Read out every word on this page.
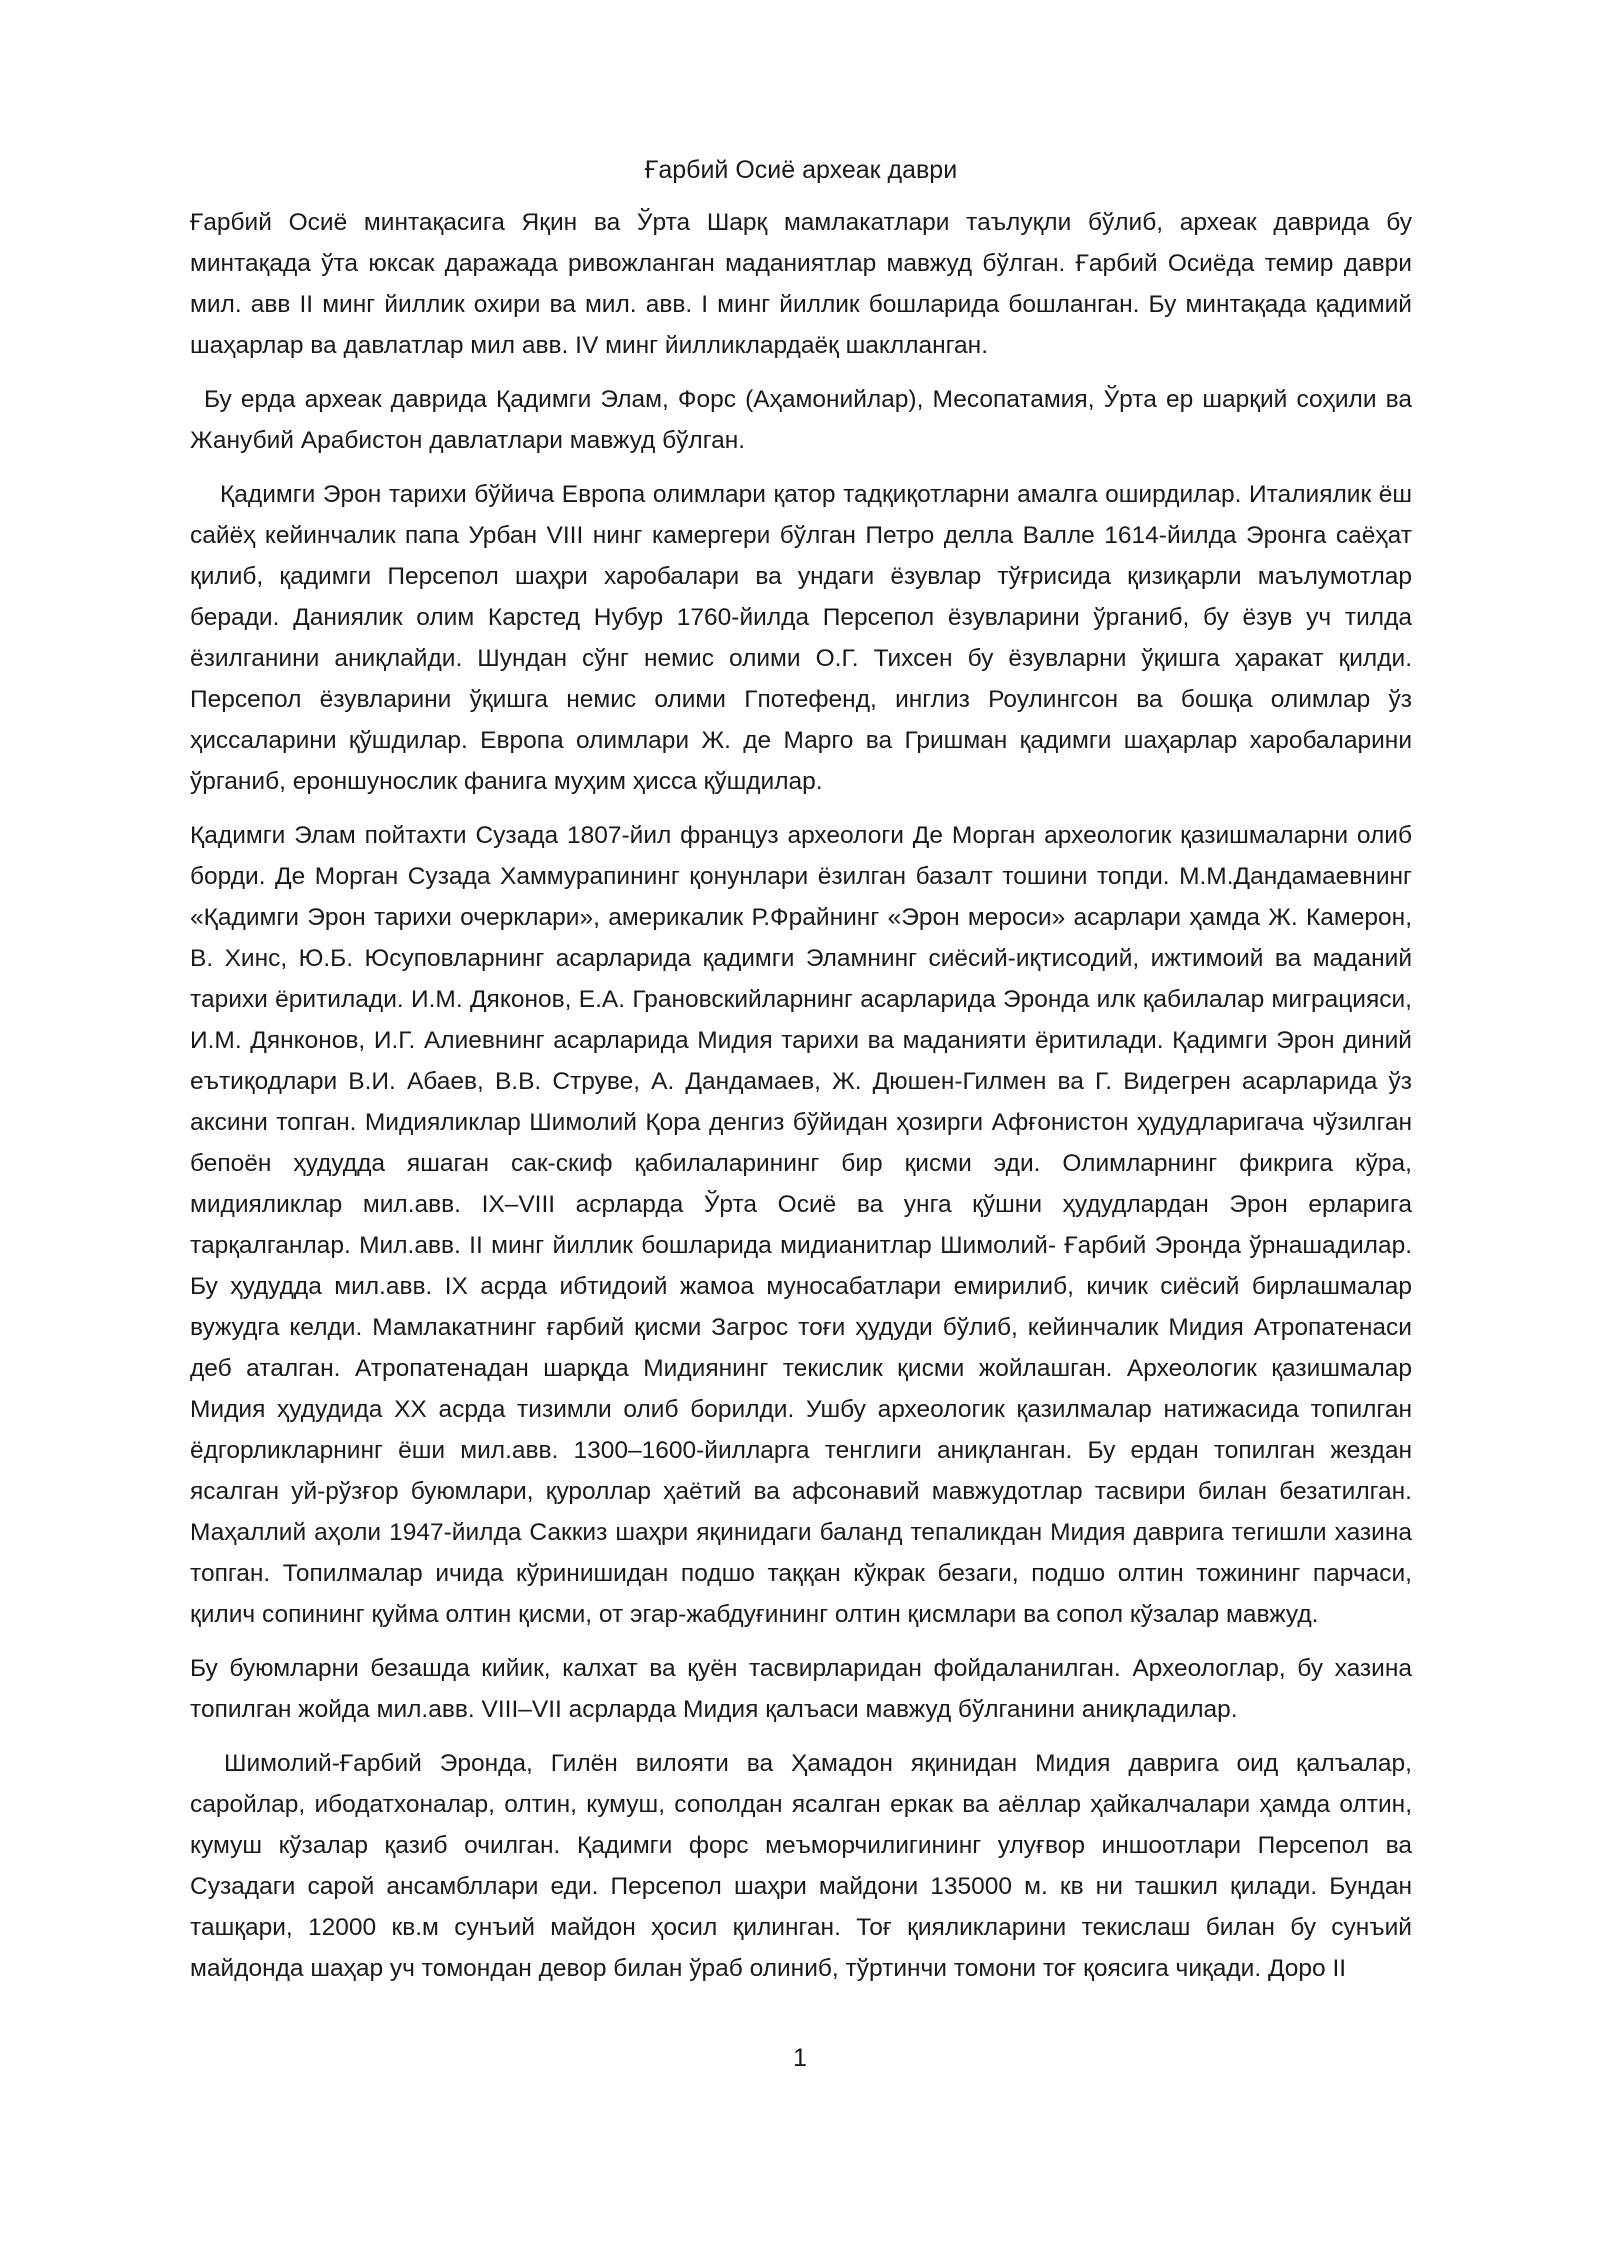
Ғарбий Осиё археак даври

Ғарбий Осиё минтақасига Яқин ва Ўрта Шарқ мамлакатлари таълуқли бўлиб, археак даврида бу минтақада ўта юксак даражада ривожланган маданиятлар мавжуд бўлган. Ғарбий Осиёда темир даври мил. авв II минг йиллик охири ва мил. авв. I минг йиллик бошларида бошланган. Бу минтақада қадимий шаҳарлар ва давлатлар мил авв. IV минг йилликлардаёқ шаклланган.

Бу ерда археак даврида Қадимги Элам, Форс (Аҳамонийлар), Месопатамия, Ўрта ер шарқий соҳили ва Жанубий Арабистон давлатлари мавжуд бўлган.

Қадимги Эрон тарихи бўйича Европа олимлари қатор тадқиқотларни амалга оширдилар. Италиялик ёш сайёҳ кейинчалик папа Урбан VIII нинг камергери бўлган Петро делла Валле 1614-йилда Эронга саёҳат қилиб, қадимги Персепол шаҳри харобалари ва ундаги ёзувлар тўғрисида қизиқарли маълумотлар беради. Даниялик олим Карстед Нубур 1760-йилда Персепол ёзувларини ўрганиб, бу ёзув уч тилда ёзилганини аниқлайди. Шундан сўнг немис олими О.Г. Тихсен бу ёзувларни ўқишга ҳаракат қилди. Персепол ёзувларини ўқишга немис олими Гпотефенд, инглиз Роулингсон ва бошқа олимлар ўз ҳиссаларини қўшдилар. Европа олимлари Ж. де Марго ва Гришман қадимги шаҳарлар харобаларини ўрганиб, ероншунослик фанига муҳим ҳисса қўшдилар.

Қадимги Элам пойтахти Сузада 1807-йил француз археологи Де Морган археологик қазишмаларни олиб борди. Де Морган Сузада Хаммурапининг қонунлари ёзилган базалт тошини топди. М.М.Дандамаевнинг «Қадимги Эрон тарихи очерклари», америкалик Р.Фрайнинг «Эрон мероси» асарлари ҳамда Ж. Камерон, В. Хинс, Ю.Б. Юсуповларнинг асарларида қадимги Эламнинг сиёсий-иқтисодий, ижтимоий ва маданий тарихи ёритилади. И.М. Дяконов, Е.А. Грановскийларнинг асарларида Эронда илк қабилалар миграцияси, И.М. Дянконов, И.Г. Алиевнинг асарларида Мидия тарихи ва маданияти ёритилади. Қадимги Эрон диний eътиқодлари В.И. Абаев, В.В. Струве, А. Дандамаев, Ж. Дюшен-Гилмен ва Г. Видегрен асарларида ўз аксини топган. Мидияликлар Шимолий Қора денгиз бўйидан ҳозирги Афғонистон ҳудудларигача чўзилган бепоён ҳудудда яшаган сак-скиф қабилаларининг бир қисми эди. Олимларнинг фикрига кўра, мидияликлар мил.авв. IX–VIII асрларда Ўрта Осиё ва унга қўшни ҳудудлардан Эрон ерларига тарқалганлар. Мил.авв. II минг йиллик бошларида мидианитлар Шимолий- Ғарбий Эронда ўрнашадилар. Бу ҳудудда мил.авв. IX асрда ибтидоий жамоа муносабатлари емирилиб, кичик сиёсий бирлашмалар вужудга келди. Мамлакатнинг ғарбий қисми Загрос тоғи ҳудуди бўлиб, кейинчалик Мидия Атропатенаси деб аталган. Атропатенадан шарқда Мидиянинг текислик қисми жойлашган. Археологик қазишмалар Мидия ҳудудида XX асрда тизимли олиб борилди. Ушбу археологик қазилмалар натижасида топилган ёдгорликларнинг ёши мил.авв. 1300–1600-йилларга тенглиги аниқланган. Бу ердан топилган жездан ясалган уй-рўзғор буюмлари, қуроллар ҳаётий ва афсонавий мавжудотлар тасвири билан безатилган. Маҳаллий аҳоли 1947-йилда Саккиз шаҳри яқинидаги баланд тепаликдан Мидия даврига тегишли хазина топган. Топилмалар ичида кўринишидан подшо таққан кўкрак безаги, подшо олтин тожининг парчаси, қилич сопининг қуйма олтин қисми, от эгар-жабдуғининг олтин қисмлари ва сопол кўзалар мавжуд.

Бу буюмларни безашда кийик, калхат ва қуён тасвирларидан фойдаланилган. Археологлар, бу хазина топилган жойда мил.авв. VIII–VII асрларда Мидия қалъаси мавжуд бўлганини аниқладилар.

Шимолий-Ғарбий Эронда, Гилён вилояти ва Ҳамадон яқинидан Мидия даврига оид қалъалар, саройлар, ибодатхоналар, олтин, кумуш, сополдан ясалган еркак ва аёллар ҳайкалчалари ҳамда олтин, кумуш кўзалар қазиб очилган. Қадимги форс меъморчилигининг улуғвор иншоотлари Персепол ва Сузадаги сарой ансамбллари еди. Персепол шаҳри майдони 135000 м. кв ни ташкил қилади. Бундан ташқари, 12000 кв.м сунъий майдон ҳосил қилинган. Тоғ қияликларини текислаш билан бу сунъий майдонда шаҳар уч томондан девор билан ўраб олиниб, тўртинчи томони тоғ қоясига чиқади. Доро II

1
